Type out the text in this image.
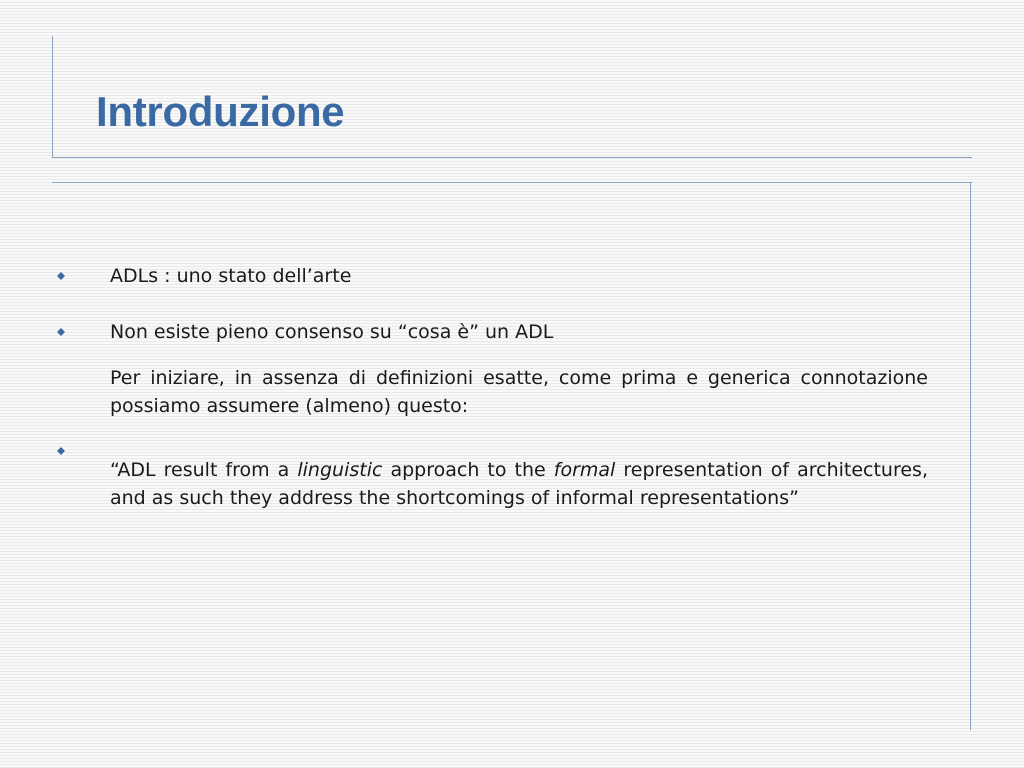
Introduzione

ADLs : uno stato dell’arte

Non esiste pieno consenso su “cosa è” un ADL

Per iniziare, in assenza di definizioni esatte, come prima e generica connotazione possiamo assumere (almeno) questo:

“ADL result from a linguistic approach to the formal representation of architectures, and as such they address the shortcomings of informal representations”
